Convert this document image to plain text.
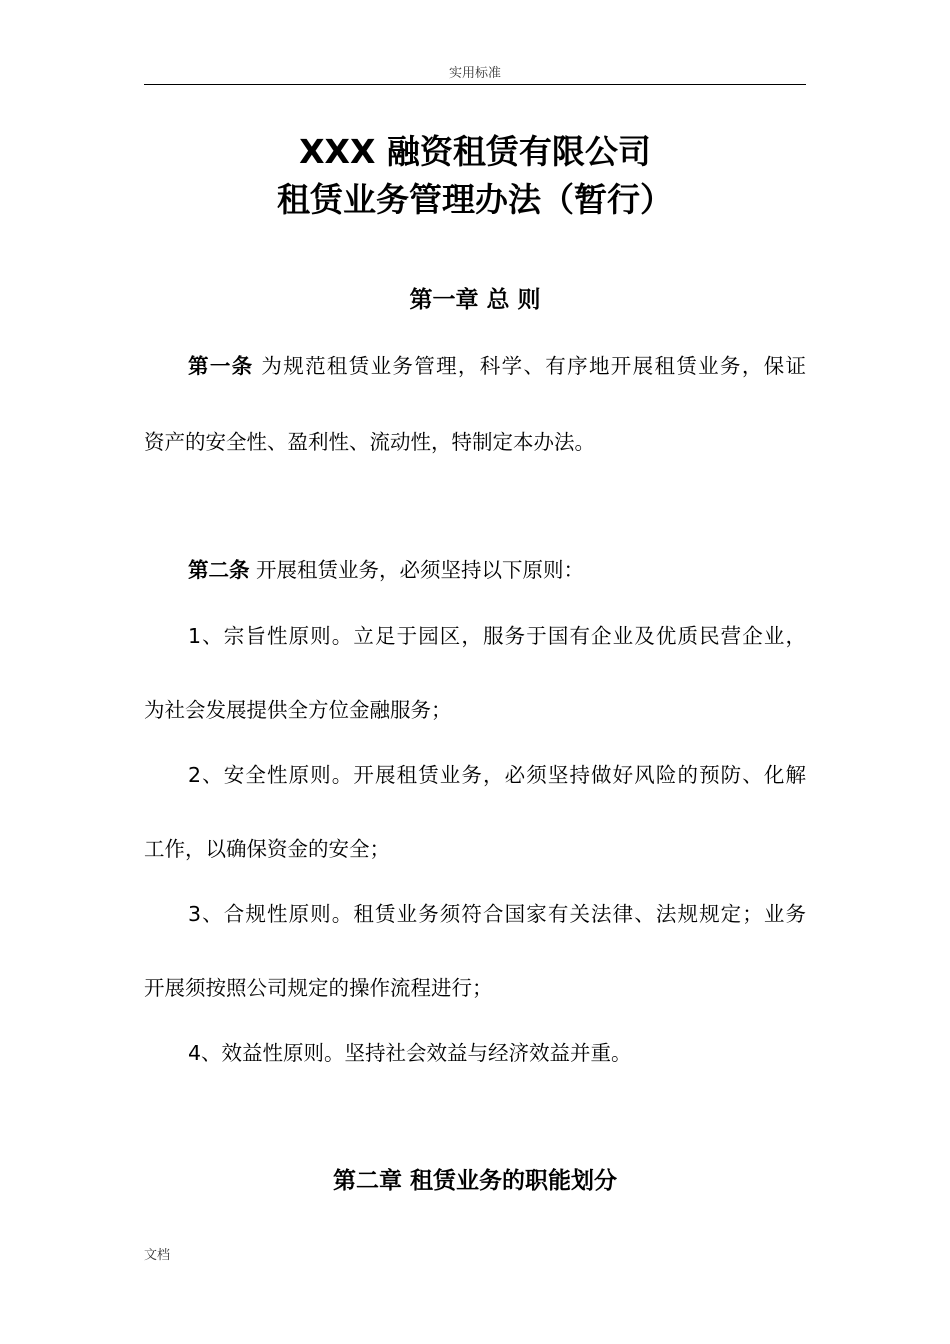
实用标准
XXX 融资租赁有限公司
租赁业务管理办法（暂行）
第一章 总 则
第一条 为规范租赁业务管理，科学、有序地开展租赁业务，保证
资产的安全性、盈利性、流动性，特制定本办法。
第二条 开展租赁业务，必须坚持以下原则：
1、宗旨性原则。立足于园区，服务于国有企业及优质民营企业，
为社会发展提供全方位金融服务；
2、安全性原则。开展租赁业务，必须坚持做好风险的预防、化解
工作，以确保资金的安全；
3、合规性原则。租赁业务须符合国家有关法律、法规规定；业务
开展须按照公司规定的操作流程进行；
4、效益性原则。坚持社会效益与经济效益并重。
第二章 租赁业务的职能划分
文档
